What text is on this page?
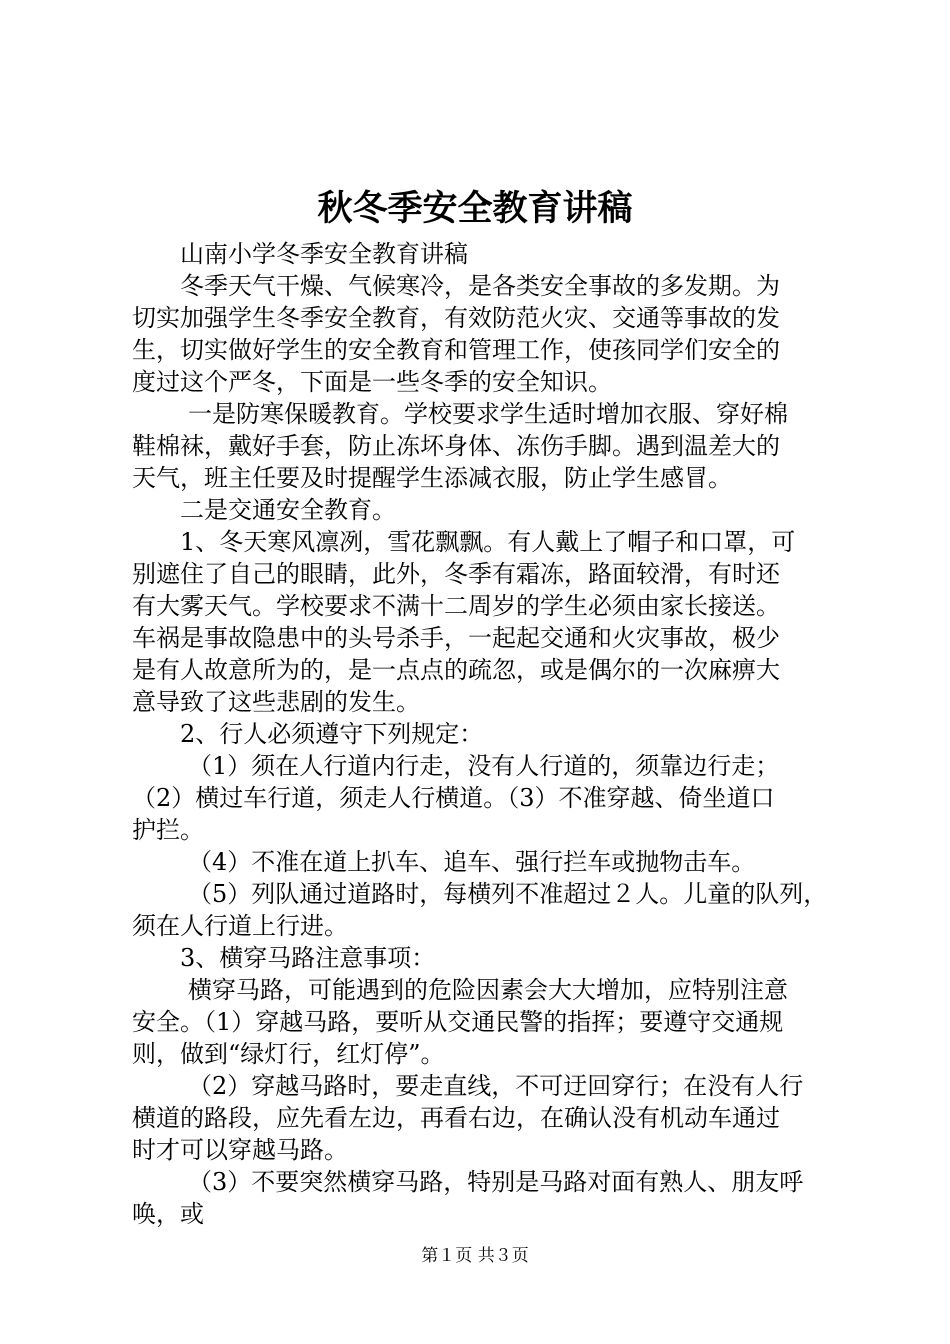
秋冬季安全教育讲稿
山南小学冬季安全教育讲稿
冬季天气干燥、气候寒冷，是各类安全事故的多发期。为
切实加强学生冬季安全教育，有效防范火灾、交通等事故的发
生，切实做好学生的安全教育和管理工作，使孩同学们安全的
度过这个严冬，下面是一些冬季的安全知识。
一是防寒保暖教育。学校要求学生适时增加衣服、穿好棉
鞋棉袜，戴好手套，防止冻坏身体、冻伤手脚。遇到温差大的
天气，班主任要及时提醒学生添减衣服，防止学生感冒。
二是交通安全教育。
1、冬天寒风凛冽，雪花飘飘。有人戴上了帽子和口罩，可
别遮住了自己的眼睛，此外，冬季有霜冻，路面较滑，有时还
有大雾天气。学校要求不满十二周岁的学生必须由家长接送。
车祸是事故隐患中的头号杀手，一起起交通和火灾事故，极少
是有人故意所为的，是一点点的疏忽，或是偶尔的一次麻痹大
意导致了这些悲剧的发生。
2、行人必须遵守下列规定：
（1）须在人行道内行走，没有人行道的，须靠边行走；
（2）横过车行道，须走人行横道。（3）不准穿越、倚坐道口
护拦。
（4）不准在道上扒车、追车、强行拦车或抛物击车。
（5）列队通过道路时，每横列不准超过２人。儿童的队列，
须在人行道上行进。
3、横穿马路注意事项：
横穿马路，可能遇到的危险因素会大大增加，应特别注意
安全。（1）穿越马路，要听从交通民警的指挥；要遵守交通规
则，做到“绿灯行，红灯停”。
（2）穿越马路时，要走直线，不可迂回穿行；在没有人行
横道的路段，应先看左边，再看右边，在确认没有机动车通过
时才可以穿越马路。
（3）不要突然横穿马路，特别是马路对面有熟人、朋友呼
唤，或
第１页 共３页
